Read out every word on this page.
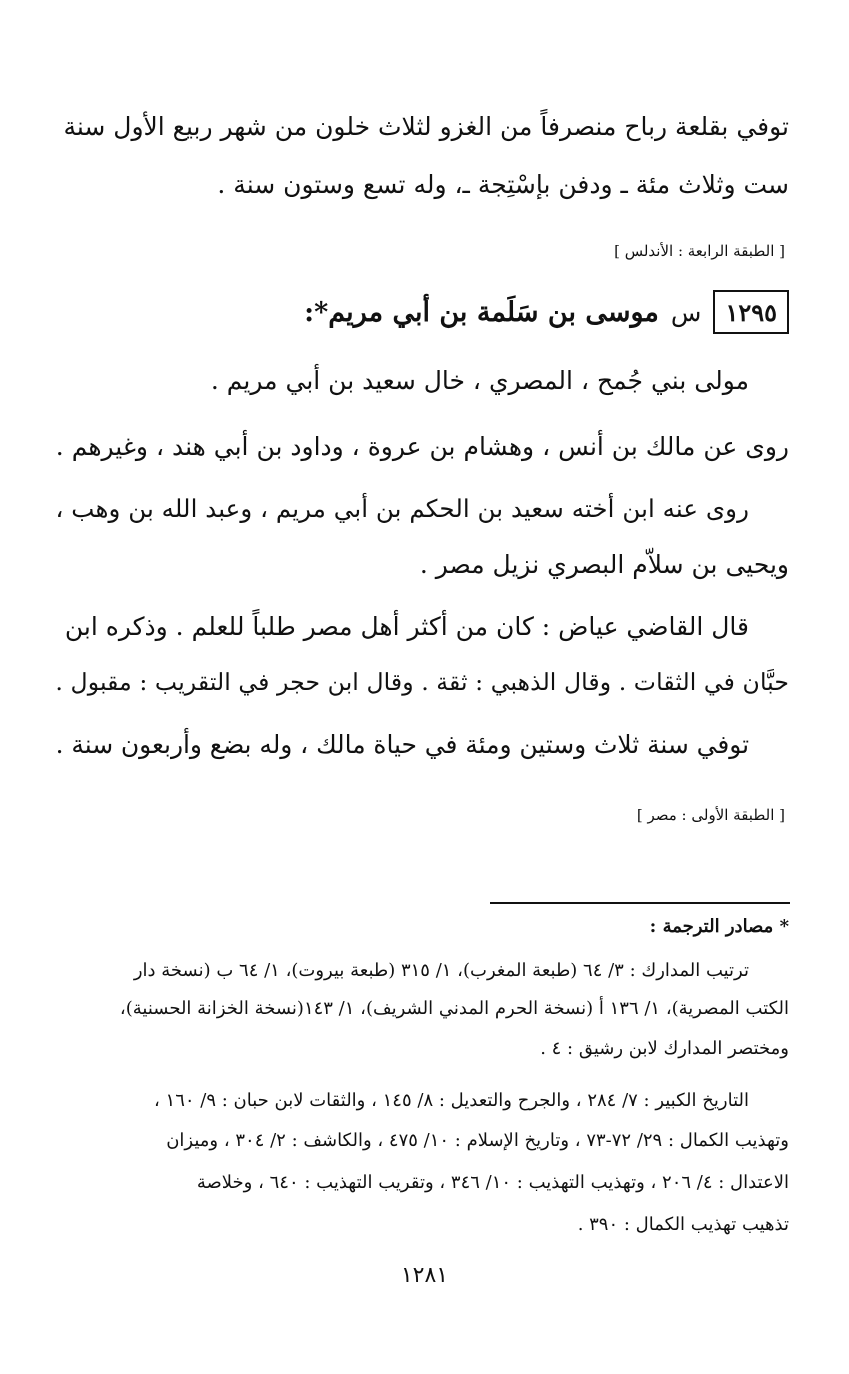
توفي بقلعة رباح منصرفاً من الغزو لثلاث خلون من شهر ربيع الأول سنة

ست وثلاث مئة ـ ودفن بإسْتِجة ـ، وله تسع وستون سنة .

[ الطبقة الرابعة : الأندلس ]

١٢٩٥
س
موسى بن سَلَمة بن أبي مريم*:

مولى بني جُمح ، المصري ، خال سعيد بن أبي مريم .

روى عن مالك بن أنس ، وهشام بن عروة ، وداود بن أبي هند ، وغيرهم .

روى عنه ابن أخته سعيد بن الحكم بن أبي مريم ، وعبد الله بن وهب ،

ويحيى بن سلاّم البصري نزيل مصر .

قال القاضي عياض : كان من أكثر أهل مصر طلباً للعلم . وذكره ابن

حبَّان في الثقات . وقال الذهبي : ثقة . وقال ابن حجر في التقريب : مقبول .

توفي سنة ثلاث وستين ومئة في حياة مالك ، وله بضع وأربعون سنة .

[ الطبقة الأولى : مصر ]

* مصادر الترجمة :

ترتيب المدارك : ٣/ ٦٤ (طبعة المغرب)، ١/ ٣١٥ (طبعة بيروت)، ١/ ٦٤ ب (نسخة دار

الكتب المصرية)، ١/ ١٣٦ أ (نسخة الحرم المدني الشريف)، ١/ ١٤٣(نسخة الخزانة الحسنية)،

ومختصر المدارك لابن رشيق : ٤ .

التاريخ الكبير : ٧/ ٢٨٤ ، والجرح والتعديل : ٨/ ١٤٥ ، والثقات لابن حبان : ٩/ ١٦٠ ،

وتهذيب الكمال : ٢٩/ ٧٢-٧٣ ، وتاريخ الإسلام : ١٠/ ٤٧٥ ، والكاشف : ٢/ ٣٠٤ ، وميزان

الاعتدال : ٤/ ٢٠٦ ، وتهذيب التهذيب : ١٠/ ٣٤٦ ، وتقريب التهذيب : ٦٤٠ ، وخلاصة

تذهيب تهذيب الكمال : ٣٩٠ .

١٢٨١
